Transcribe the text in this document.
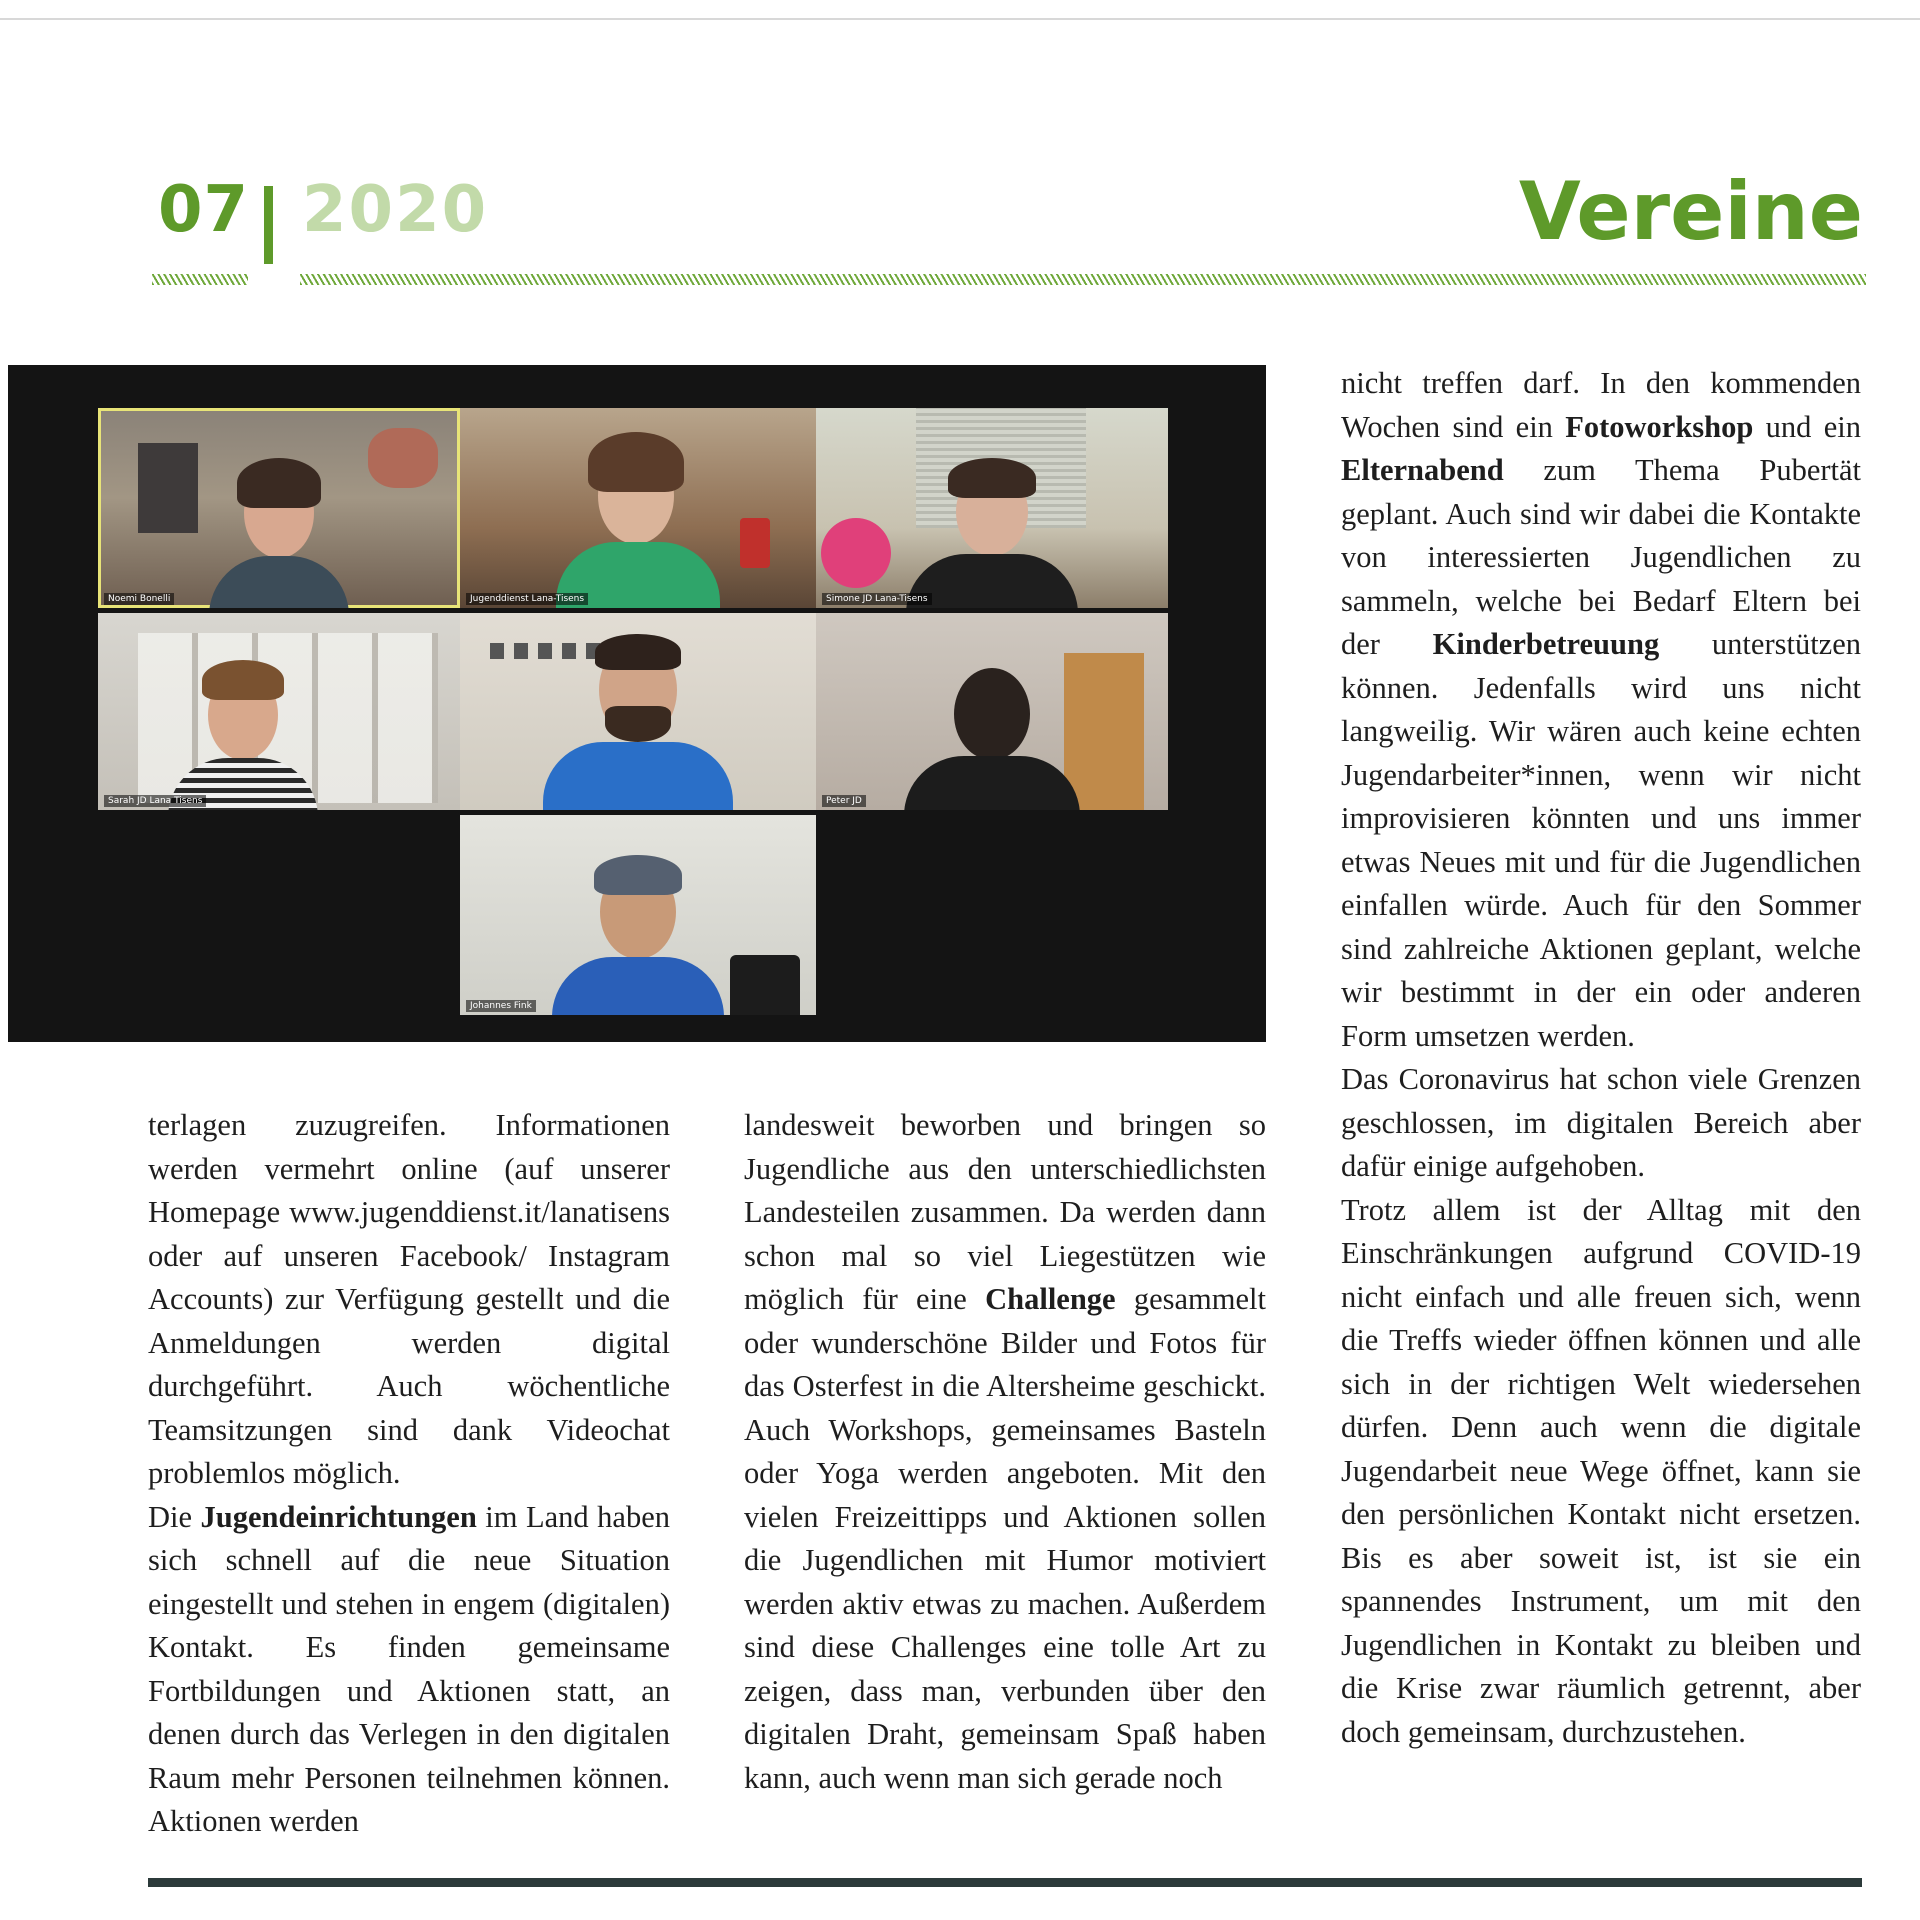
07 2020	Vereine
Noemi Bonelli	Jugenddienst Lana-Tisens	Simone JD Lana-Tisens
Sarah JD Lana Tisens	Peter JD
Johannes Fink

terlagen zuzugreifen. Informationen werden vermehrt online (auf unserer Homepage www.jugenddienst.it/lanatisens oder auf unseren Facebook/ Instagram Accounts) zur Verfügung gestellt und die Anmeldungen werden digital durchgeführt. Auch wöchentliche Teamsitzungen sind dank Videochat problemlos möglich.

Die Jugendeinrichtungen im Land haben sich schnell auf die neue Situation eingestellt und stehen in engem (digitalen) Kontakt. Es finden gemeinsame Fortbildungen und Aktionen statt, an denen durch das Verlegen in den digitalen Raum mehr Personen teilnehmen können. Aktionen werden

landesweit beworben und bringen so Jugendliche aus den unterschiedlichsten Landesteilen zusammen. Da werden dann schon mal so viel Liegestützen wie möglich für eine Challenge gesammelt oder wunderschöne Bilder und Fotos für das Osterfest in die Altersheime geschickt. Auch Workshops, gemeinsames Basteln oder Yoga werden angeboten. Mit den vielen Freizeittipps und Aktionen sollen die Jugendlichen mit Humor motiviert werden aktiv etwas zu machen. Außerdem sind diese Challenges eine tolle Art zu zeigen, dass man, verbunden über den digitalen Draht, gemeinsam Spaß haben kann, auch wenn man sich gerade noch

nicht treffen darf. In den kommenden Wochen sind ein Fotoworkshop und ein Elternabend zum Thema Pubertät geplant. Auch sind wir dabei die Kontakte von interessierten Jugendlichen zu sammeln, welche bei Bedarf Eltern bei der Kinderbetreuung unterstützen können. Jedenfalls wird uns nicht langweilig. Wir wären auch keine echten Jugendarbeiter*innen, wenn wir nicht improvisieren könnten und uns immer etwas Neues mit und für die Jugendlichen einfallen würde. Auch für den Sommer sind zahlreiche Aktionen geplant, welche wir bestimmt in der ein oder anderen Form umsetzen werden.

Das Coronavirus hat schon viele Grenzen geschlossen, im digitalen Bereich aber dafür einige aufgehoben.

Trotz allem ist der Alltag mit den Einschränkungen aufgrund COVID-19 nicht einfach und alle freuen sich, wenn die Treffs wieder öffnen können und alle sich in der richtigen Welt wiedersehen dürfen. Denn auch wenn die digitale Jugendarbeit neue Wege öffnet, kann sie den persönlichen Kontakt nicht ersetzen. Bis es aber soweit ist, ist sie ein spannendes Instrument, um mit den Jugendlichen in Kontakt zu bleiben und die Krise zwar räumlich getrennt, aber doch gemeinsam, durchzustehen.
